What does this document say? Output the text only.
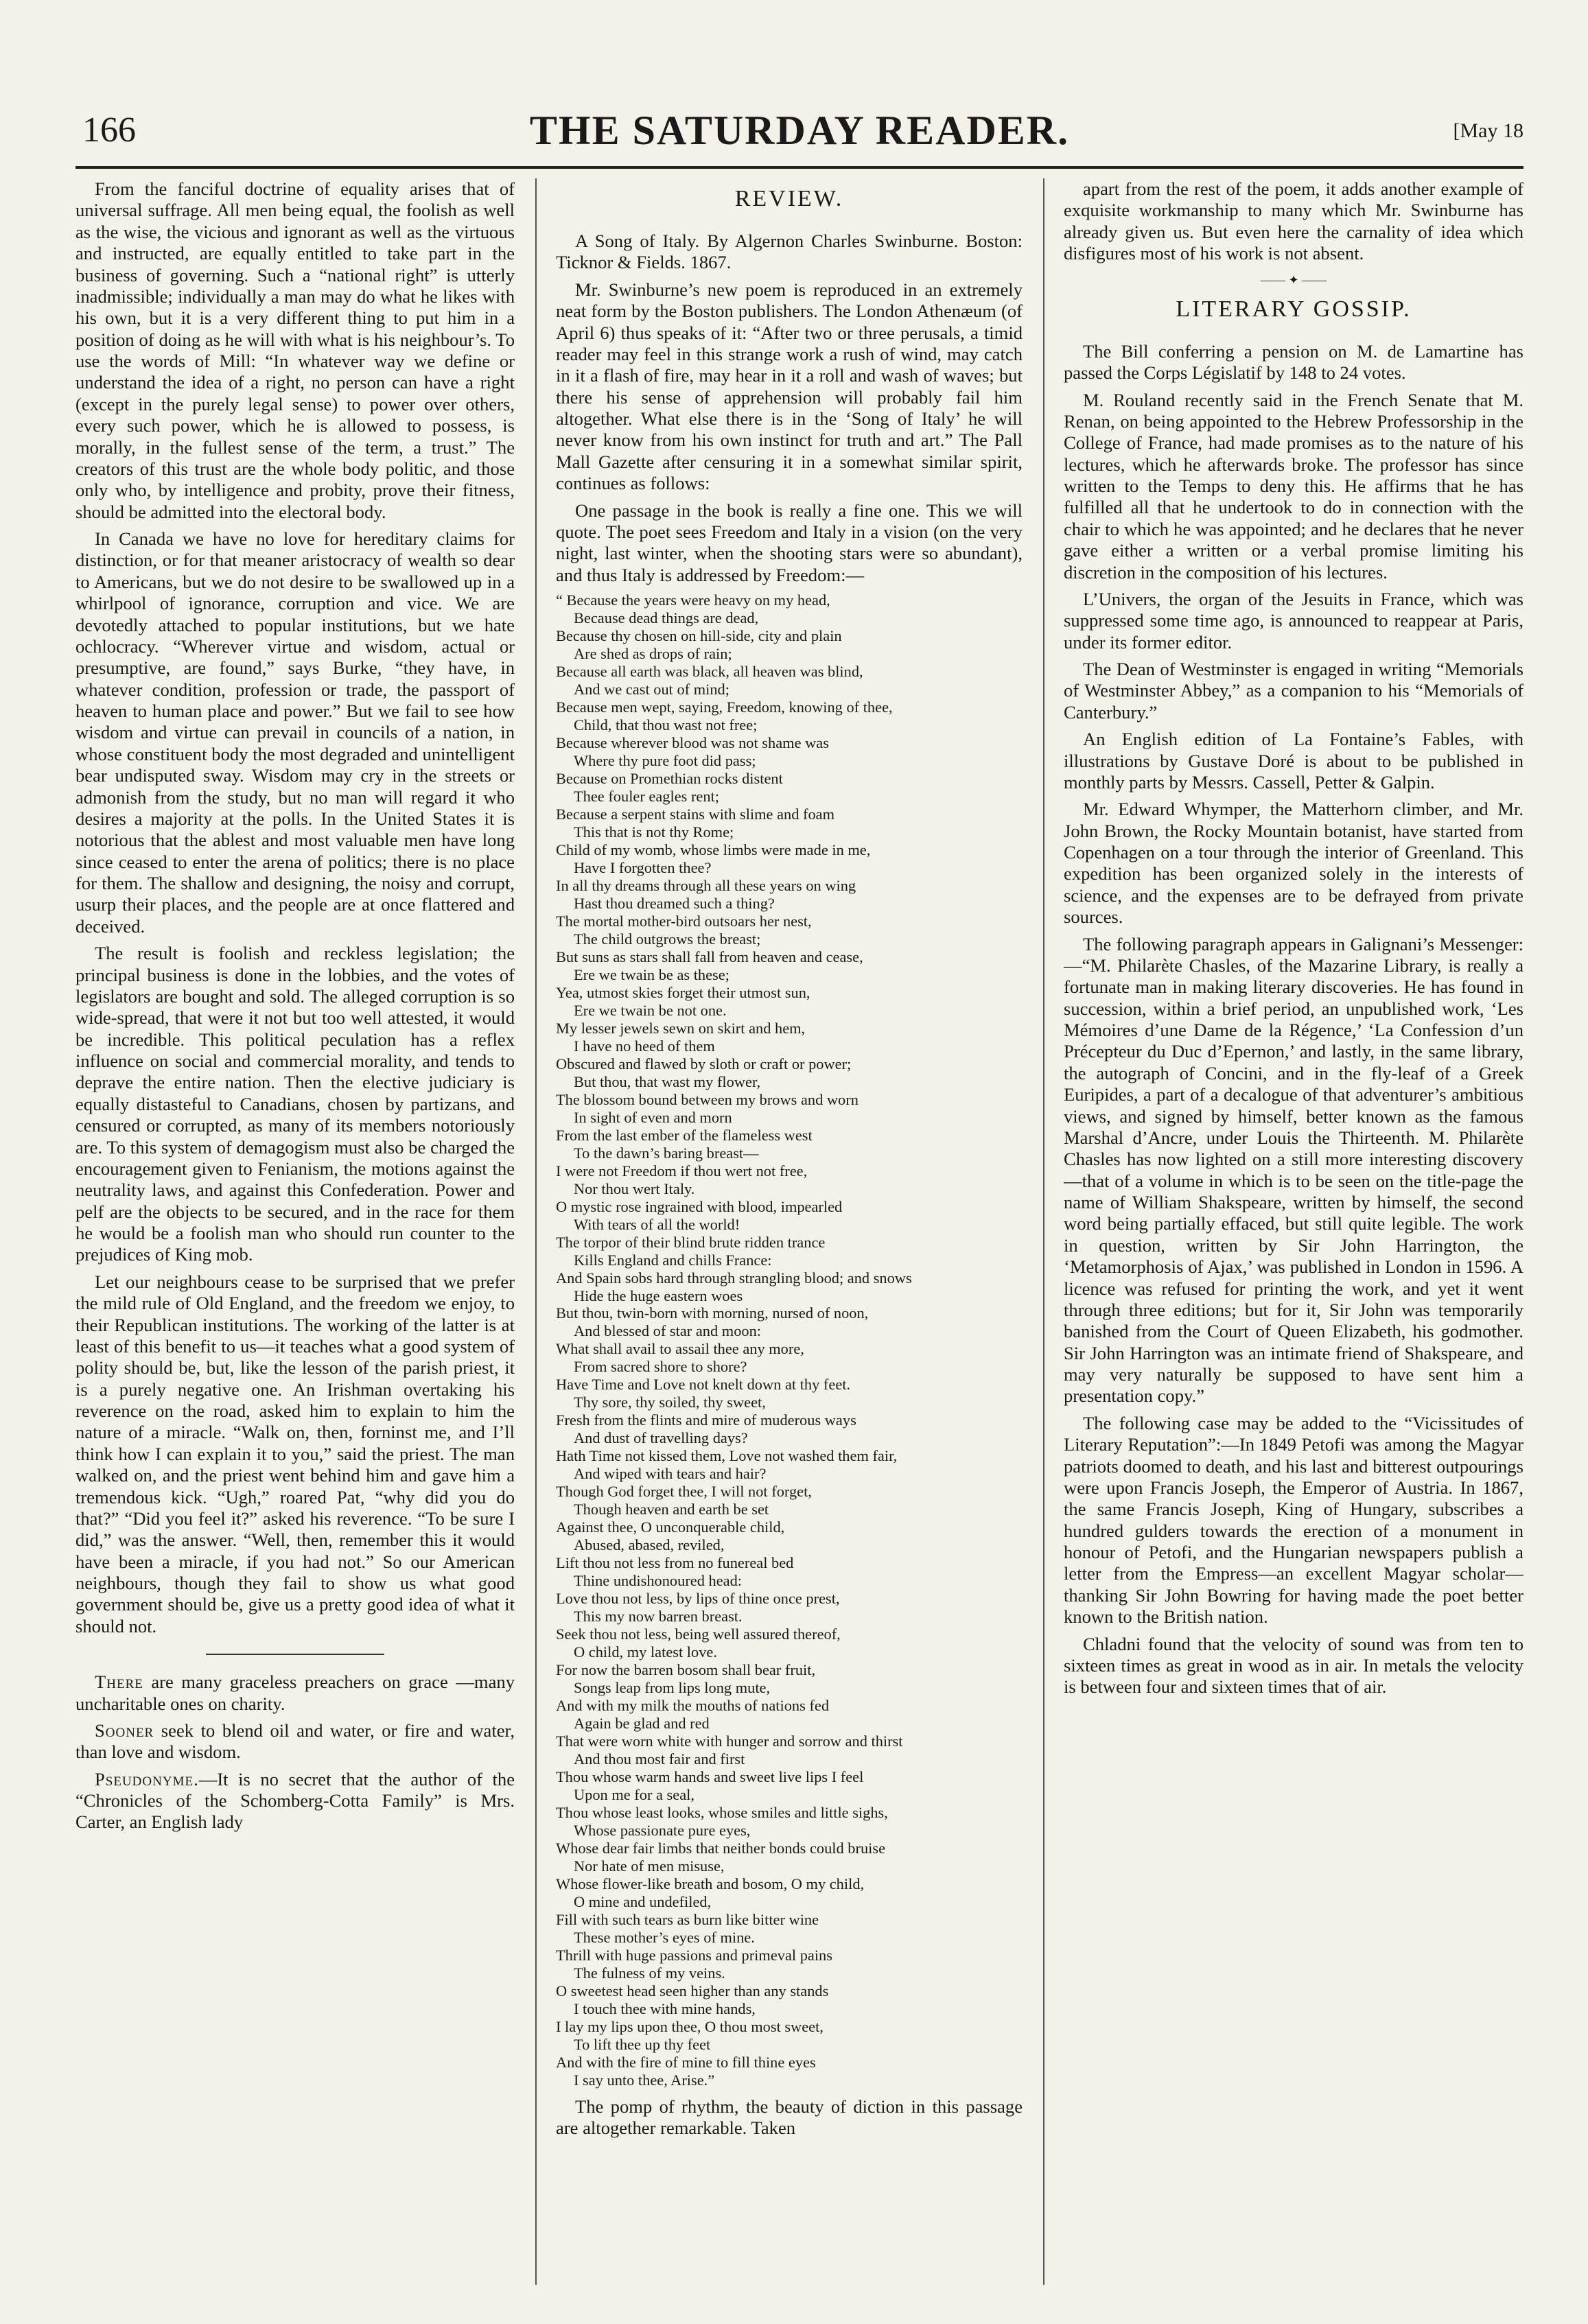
166	THE SATURDAY READER.	[May 18

From the fanciful doctrine of equality arises that of universal suffrage. All men being equal, the foolish as well as the wise, the vicious and ignorant as well as the virtuous and instructed, are equally entitled to take part in the business of governing. Such a “national right” is utterly inadmissible; individually a man may do what he likes with his own, but it is a very different thing to put him in a position of doing as he will with what is his neighbour’s. To use the words of Mill: “In whatever way we define or understand the idea of a right, no person can have a right (except in the purely legal sense) to power over others, every such power, which he is allowed to possess, is morally, in the fullest sense of the term, a trust.” The creators of this trust are the whole body politic, and those only who, by intelligence and probity, prove their fitness, should be admitted into the electoral body.

In Canada we have no love for hereditary claims for distinction, or for that meaner aristocracy of wealth so dear to Americans, but we do not desire to be swallowed up in a whirlpool of ignorance, corruption and vice. We are devotedly attached to popular institutions, but we hate ochlocracy. “Wherever virtue and wisdom, actual or presumptive, are found,” says Burke, “they have, in whatever condition, profession or trade, the passport of heaven to human place and power.” But we fail to see how wisdom and virtue can prevail in councils of a nation, in whose constituent body the most degraded and unintelligent bear undisputed sway. Wisdom may cry in the streets or admonish from the study, but no man will regard it who desires a majority at the polls. In the United States it is notorious that the ablest and most valuable men have long since ceased to enter the arena of politics; there is no place for them. The shallow and designing, the noisy and corrupt, usurp their places, and the people are at once flattered and deceived.

The result is foolish and reckless legislation; the principal business is done in the lobbies, and the votes of legislators are bought and sold. The alleged corruption is so wide-spread, that were it not but too well attested, it would be incredible. This political peculation has a reflex influence on social and commercial morality, and tends to deprave the entire nation. Then the elective judiciary is equally distasteful to Canadians, chosen by partizans, and censured or corrupted, as many of its members notoriously are. To this system of demagogism must also be charged the encouragement given to Fenianism, the motions against the neutrality laws, and against this Confederation. Power and pelf are the objects to be secured, and in the race for them he would be a foolish man who should run counter to the prejudices of King mob.

Let our neighbours cease to be surprised that we prefer the mild rule of Old England, and the freedom we enjoy, to their Republican institutions. The working of the latter is at least of this benefit to us—it teaches what a good system of polity should be, but, like the lesson of the parish priest, it is a purely negative one. An Irishman overtaking his reverence on the road, asked him to explain to him the nature of a miracle. “Walk on, then, forninst me, and I’ll think how I can explain it to you,” said the priest. The man walked on, and the priest went behind him and gave him a tremendous kick. “Ugh,” roared Pat, “why did you do that?” “Did you feel it?” asked his reverence. “To be sure I did,” was the answer. “Well, then, remember this it would have been a miracle, if you had not.” So our American neighbours, though they fail to show us what good government should be, give us a pretty good idea of what it should not.

There are many graceless preachers on grace —many uncharitable ones on charity.

Sooner seek to blend oil and water, or fire and water, than love and wisdom.

Pseudonyme.—It is no secret that the author of the “Chronicles of the Schomberg-Cotta Family” is Mrs. Carter, an English lady

REVIEW.

A Song of Italy. By Algernon Charles Swinburne. Boston: Ticknor & Fields. 1867.

Mr. Swinburne’s new poem is reproduced in an extremely neat form by the Boston publishers. The London Athenæum (of April 6) thus speaks of it: “After two or three perusals, a timid reader may feel in this strange work a rush of wind, may catch in it a flash of fire, may hear in it a roll and wash of waves; but there his sense of apprehension will probably fail him altogether. What else there is in the ‘Song of Italy’ he will never know from his own instinct for truth and art.” The Pall Mall Gazette after censuring it in a somewhat similar spirit, continues as follows:

One passage in the book is really a fine one. This we will quote. The poet sees Freedom and Italy in a vision (on the very night, last winter, when the shooting stars were so abundant), and thus Italy is addressed by Freedom:—

“ Because the years were heavy on my head,
Because dead things are dead,
Because thy chosen on hill-side, city and plain
Are shed as drops of rain;
Because all earth was black, all heaven was blind,
And we cast out of mind;
Because men wept, saying, Freedom, knowing of thee,
Child, that thou wast not free;
Because wherever blood was not shame was
Where thy pure foot did pass;
Because on Promethian rocks distent
Thee fouler eagles rent;
Because a serpent stains with slime and foam
This that is not thy Rome;
Child of my womb, whose limbs were made in me,
Have I forgotten thee?
In all thy dreams through all these years on wing
Hast thou dreamed such a thing?
The mortal mother-bird outsoars her nest,
The child outgrows the breast;
But suns as stars shall fall from heaven and cease,
Ere we twain be as these;
Yea, utmost skies forget their utmost sun,
Ere we twain be not one.
My lesser jewels sewn on skirt and hem,
I have no heed of them
Obscured and flawed by sloth or craft or power;
But thou, that wast my flower,
The blossom bound between my brows and worn
In sight of even and morn
From the last ember of the flameless west
To the dawn’s baring breast—
I were not Freedom if thou wert not free,
Nor thou wert Italy.
O mystic rose ingrained with blood, impearled
With tears of all the world!
The torpor of their blind brute ridden trance
Kills England and chills France:
And Spain sobs hard through strangling blood; and snows
Hide the huge eastern woes
But thou, twin-born with morning, nursed of noon,
And blessed of star and moon:
What shall avail to assail thee any more,
From sacred shore to shore?
Have Time and Love not knelt down at thy feet.
Thy sore, thy soiled, thy sweet,
Fresh from the flints and mire of muderous ways
And dust of travelling days?
Hath Time not kissed them, Love not washed them fair,
And wiped with tears and hair?
Though God forget thee, I will not forget,
Though heaven and earth be set
Against thee, O unconquerable child,
Abused, abased, reviled,
Lift thou not less from no funereal bed
Thine undishonoured head:
Love thou not less, by lips of thine once prest,
This my now barren breast.
Seek thou not less, being well assured thereof,
O child, my latest love.
For now the barren bosom shall bear fruit,
Songs leap from lips long mute,
And with my milk the mouths of nations fed
Again be glad and red
That were worn white with hunger and sorrow and thirst
And thou most fair and first
Thou whose warm hands and sweet live lips I feel
Upon me for a seal,
Thou whose least looks, whose smiles and little sighs,
Whose passionate pure eyes,
Whose dear fair limbs that neither bonds could bruise
Nor hate of men misuse,
Whose flower-like breath and bosom, O my child,
O mine and undefiled,
Fill with such tears as burn like bitter wine
These mother’s eyes of mine.
Thrill with huge passions and primeval pains
The fulness of my veins.
O sweetest head seen higher than any stands
I touch thee with mine hands,
I lay my lips upon thee, O thou most sweet,
To lift thee up thy feet
And with the fire of mine to fill thine eyes
I say unto thee, Arise.”

The pomp of rhythm, the beauty of diction in this passage are altogether remarkable. Taken

apart from the rest of the poem, it adds another example of exquisite workmanship to many which Mr. Swinburne has already given us. But even here the carnality of idea which disfigures most of his work is not absent.

—— ✦ ——
LITERARY GOSSIP.

The Bill conferring a pension on M. de Lamartine has passed the Corps Législatif by 148 to 24 votes.

M. Rouland recently said in the French Senate that M. Renan, on being appointed to the Hebrew Professorship in the College of France, had made promises as to the nature of his lectures, which he afterwards broke. The professor has since written to the Temps to deny this. He affirms that he has fulfilled all that he undertook to do in connection with the chair to which he was appointed; and he declares that he never gave either a written or a verbal promise limiting his discretion in the composition of his lectures.

L’Univers, the organ of the Jesuits in France, which was suppressed some time ago, is announced to reappear at Paris, under its former editor.

The Dean of Westminster is engaged in writing “Memorials of Westminster Abbey,” as a companion to his “Memorials of Canterbury.”

An English edition of La Fontaine’s Fables, with illustrations by Gustave Doré is about to be published in monthly parts by Messrs. Cassell, Petter & Galpin.

Mr. Edward Whymper, the Matterhorn climber, and Mr. John Brown, the Rocky Mountain botanist, have started from Copenhagen on a tour through the interior of Greenland. This expedition has been organized solely in the interests of science, and the expenses are to be defrayed from private sources.

The following paragraph appears in Galignani’s Messenger:—“M. Philarète Chasles, of the Mazarine Library, is really a fortunate man in making literary discoveries. He has found in succession, within a brief period, an unpublished work, ‘Les Mémoires d’une Dame de la Régence,’ ‘La Confession d’un Précepteur du Duc d’Epernon,’ and lastly, in the same library, the autograph of Concini, and in the fly-leaf of a Greek Euripides, a part of a decalogue of that adventurer’s ambitious views, and signed by himself, better known as the famous Marshal d’Ancre, under Louis the Thirteenth. M. Philarète Chasles has now lighted on a still more interesting discovery—that of a volume in which is to be seen on the title-page the name of William Shakspeare, written by himself, the second word being partially effaced, but still quite legible. The work in question, written by Sir John Harrington, the ‘Metamorphosis of Ajax,’ was published in London in 1596. A licence was refused for printing the work, and yet it went through three editions; but for it, Sir John was temporarily banished from the Court of Queen Elizabeth, his godmother. Sir John Harrington was an intimate friend of Shakspeare, and may very naturally be supposed to have sent him a presentation copy.”

The following case may be added to the “Vicissitudes of Literary Reputation”:—In 1849 Petofi was among the Magyar patriots doomed to death, and his last and bitterest outpourings were upon Francis Joseph, the Emperor of Austria. In 1867, the same Francis Joseph, King of Hungary, subscribes a hundred gulders towards the erection of a monument in honour of Petofi, and the Hungarian newspapers publish a letter from the Empress—an excellent Magyar scholar—thanking Sir John Bowring for having made the poet better known to the British nation.

Chladni found that the velocity of sound was from ten to sixteen times as great in wood as in air. In metals the velocity is between four and sixteen times that of air.
